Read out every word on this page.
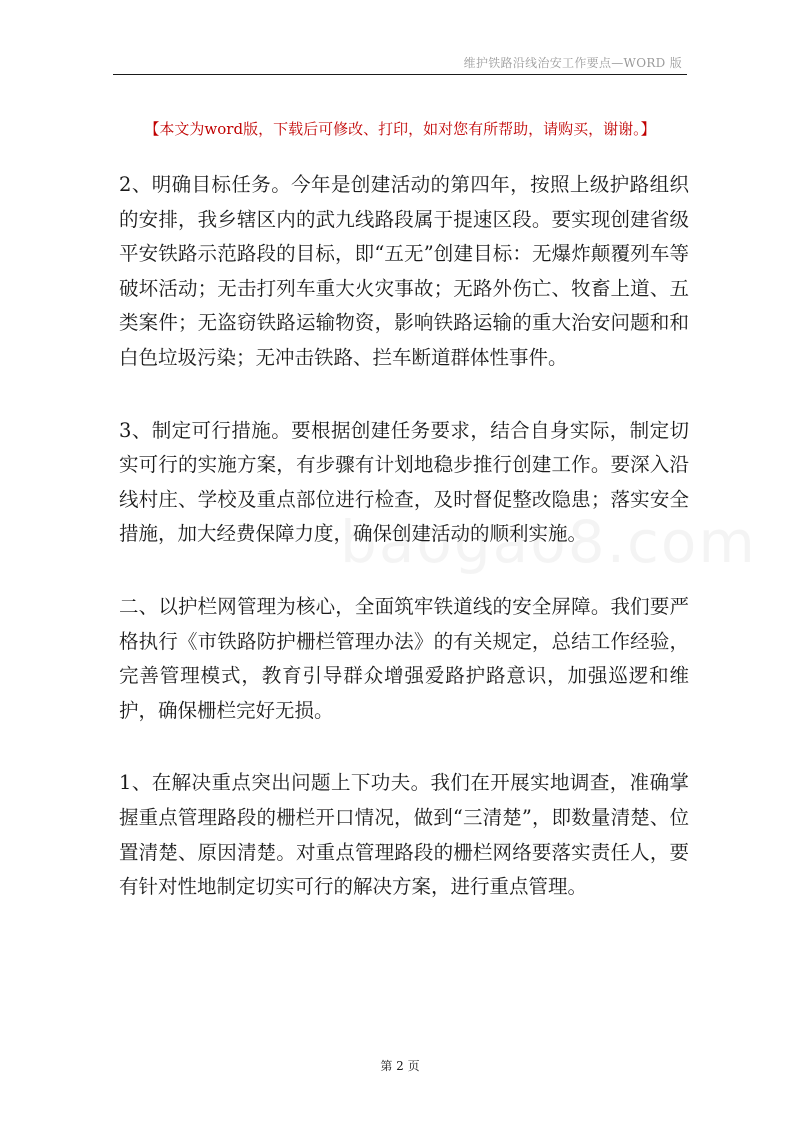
维护铁路沿线治安工作要点—WORD 版
【本文为word版，下载后可修改、打印，如对您有所帮助，请购买，谢谢。】

2、明确目标任务。今年是创建活动的第四年，按照上级护路组织的安排，我乡辖区内的武九线路段属于提速区段。要实现创建省级平安铁路示范路段的目标，即“五无”创建目标：无爆炸颠覆列车等破坏活动；无击打列车重大火灾事故；无路外伤亡、牧畜上道、五类案件；无盗窃铁路运输物资，影响铁路运输的重大治安问题和和白色垃圾污染；无冲击铁路、拦车断道群体性事件。

3、制定可行措施。要根据创建任务要求，结合自身实际，制定切实可行的实施方案，有步骤有计划地稳步推行创建工作。要深入沿线村庄、学校及重点部位进行检查，及时督促整改隐患；落实安全措施，加大经费保障力度，确保创建活动的顺利实施。

二、以护栏网管理为核心，全面筑牢铁道线的安全屏障。我们要严格执行《市铁路防护栅栏管理办法》的有关规定，总结工作经验，完善管理模式，教育引导群众增强爱路护路意识，加强巡逻和维护，确保栅栏完好无损。

1、在解决重点突出问题上下功夫。我们在开展实地调查，准确掌握重点管理路段的栅栏开口情况，做到“三清楚”，即数量清楚、位置清楚、原因清楚。对重点管理路段的栅栏网络要落实责任人，要有针对性地制定切实可行的解决方案，进行重点管理。

第 2 页
